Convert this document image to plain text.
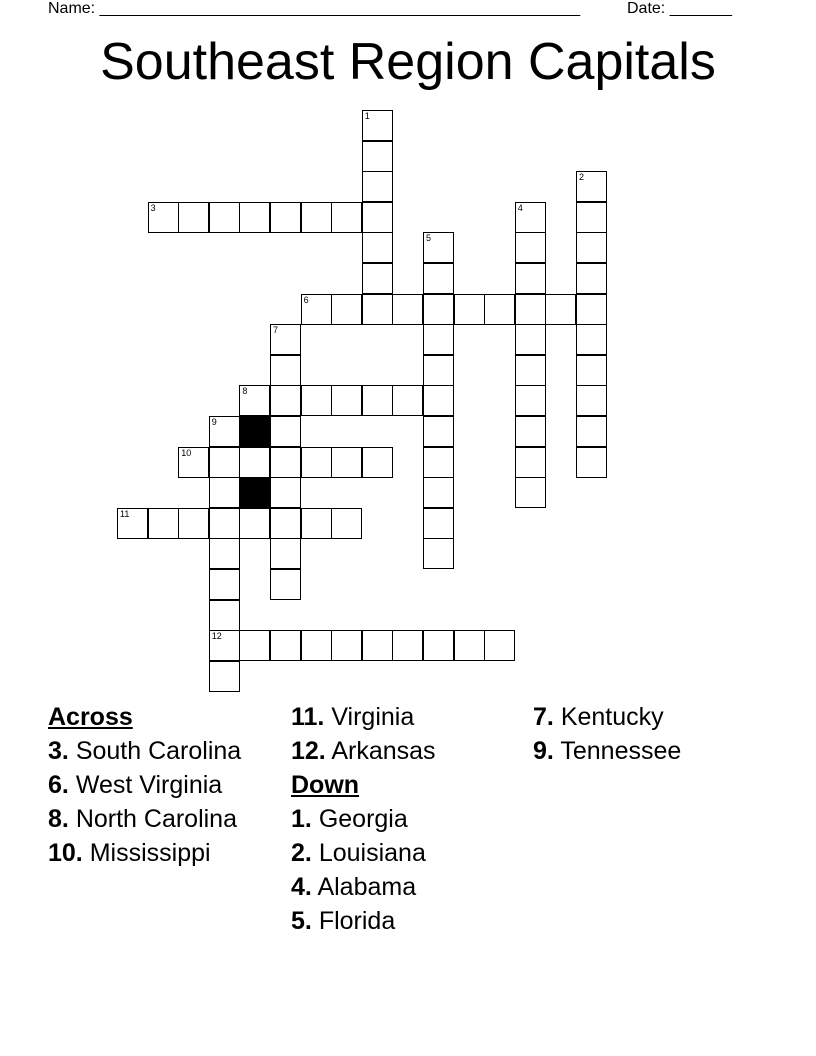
Name: ______________________________________________________	Date: _______
Southeast Region Capitals
1
2
3	4
5
6
7
8
9
12
10
11
Across
3. South Carolina
6. West Virginia
8. North Carolina
10. Mississippi
11. Virginia
12. Arkansas
Down
1. Georgia
2. Louisiana
4. Alabama
5. Florida
7. Kentucky
9. Tennessee
